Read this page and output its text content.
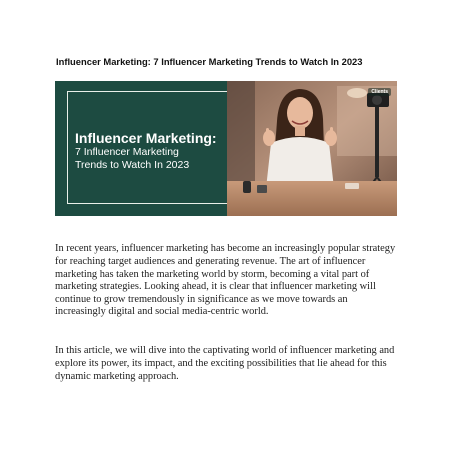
Influencer Marketing: 7 Influencer Marketing Trends to Watch In 2023
Influencer Marketing:
7 Influencer Marketing
Trends to Watch In 2023
Clients

In recent years, influencer marketing has become an increasingly popular strategy for reaching target audiences and generating revenue. The art of influencer marketing has taken the marketing world by storm, becoming a vital part of marketing strategies. Looking ahead, it is clear that influencer marketing will continue to grow tremendously in significance as we move towards an increasingly digital and social media-centric world.

In this article, we will dive into the captivating world of influencer marketing and explore its power, its impact, and the exciting possibilities that lie ahead for this dynamic marketing approach.
